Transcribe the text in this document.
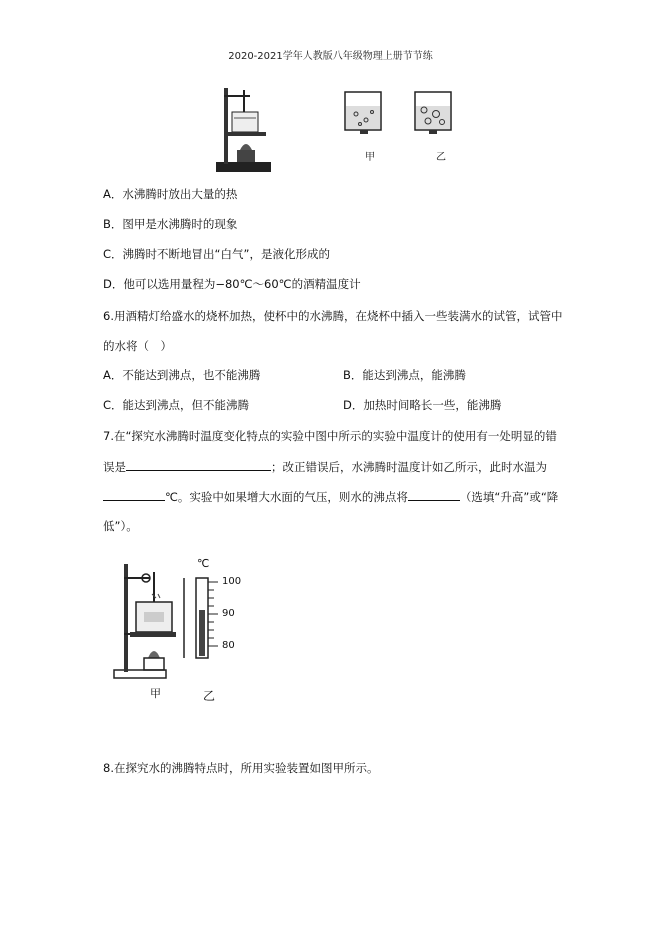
2020-2021学年人教版八年级物理上册节节练
甲	乙
A．水沸腾时放出大量的热
B．图甲是水沸腾时的现象
C．沸腾时不断地冒出“白气”，是液化形成的
D．他可以选用量程为−80℃～60℃的酒精温度计
6.用酒精灯给盛水的烧杯加热，使杯中的水沸腾，在烧杯中插入一些装满水的试管，试管中
的水将（　）
A．不能达到沸点，也不能沸腾	B．能达到沸点，能沸腾
C．能达到沸点，但不能沸腾	D．加热时间略长一些，能沸腾
7.在“探究水沸腾时温度变化特点的实验中图中所示的实验中温度计的使用有一处明显的错
误是	；改正错误后，水沸腾时温度计如乙所示，此时水温为
℃。实验中如果增大水面的气压，则水的沸点将	（选填“升高”或“降
低”）。
℃
100
90
80
甲	乙
8.在探究水的沸腾特点时，所用实验装置如图甲所示。
